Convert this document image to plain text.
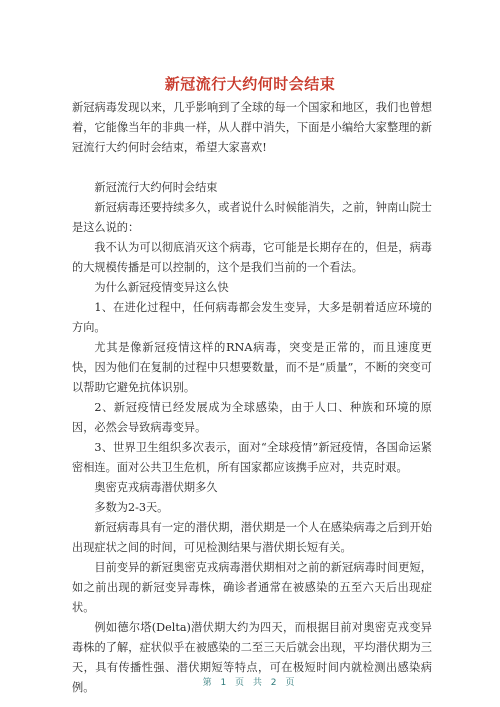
新冠流行大约何时会结束

新冠病毒发现以来，几乎影响到了全球的每一个国家和地区，我们也曾想着，它能像当年的非典一样，从人群中消失，下面是小编给大家整理的新冠流行大约何时会结束，希望大家喜欢!

新冠流行大约何时会结束

新冠病毒还要持续多久，或者说什么时候能消失，之前，钟南山院士是这么说的：

我不认为可以彻底消灭这个病毒，它可能是长期存在的，但是，病毒的大规模传播是可以控制的，这个是我们当前的一个看法。

为什么新冠疫情变异这么快

1、在进化过程中，任何病毒都会发生变异，大多是朝着适应环境的方向。

尤其是像新冠疫情这样的RNA病毒，突变是正常的，而且速度更快，因为他们在复制的过程中只想要数量，而不是“质量”，不断的突变可以帮助它避免抗体识别。

2、新冠疫情已经发展成为全球感染，由于人口、种族和环境的原因，必然会导致病毒变异。

3、世界卫生组织多次表示，面对“全球疫情”新冠疫情，各国命运紧密相连。面对公共卫生危机，所有国家都应该携手应对，共克时艰。

奥密克戎病毒潜伏期多久

多数为2-3天。

新冠病毒具有一定的潜伏期，潜伏期是一个人在感染病毒之后到开始出现症状之间的时间，可见检测结果与潜伏期长短有关。

目前变异的新冠奥密克戎病毒潜伏期相对之前的新冠病毒时间更短，如之前出现的新冠变异毒株，确诊者通常在被感染的五至六天后出现症状。

例如德尔塔(Delta)潜伏期大约为四天，而根据目前对奥密克戎变异毒株的了解，症状似乎在被感染的二至三天后就会出现，平均潜伏期为三天，具有传播性强、潜伏期短等特点，可在极短时间内就检测出感染病例。	第 1 页 共 2 页
